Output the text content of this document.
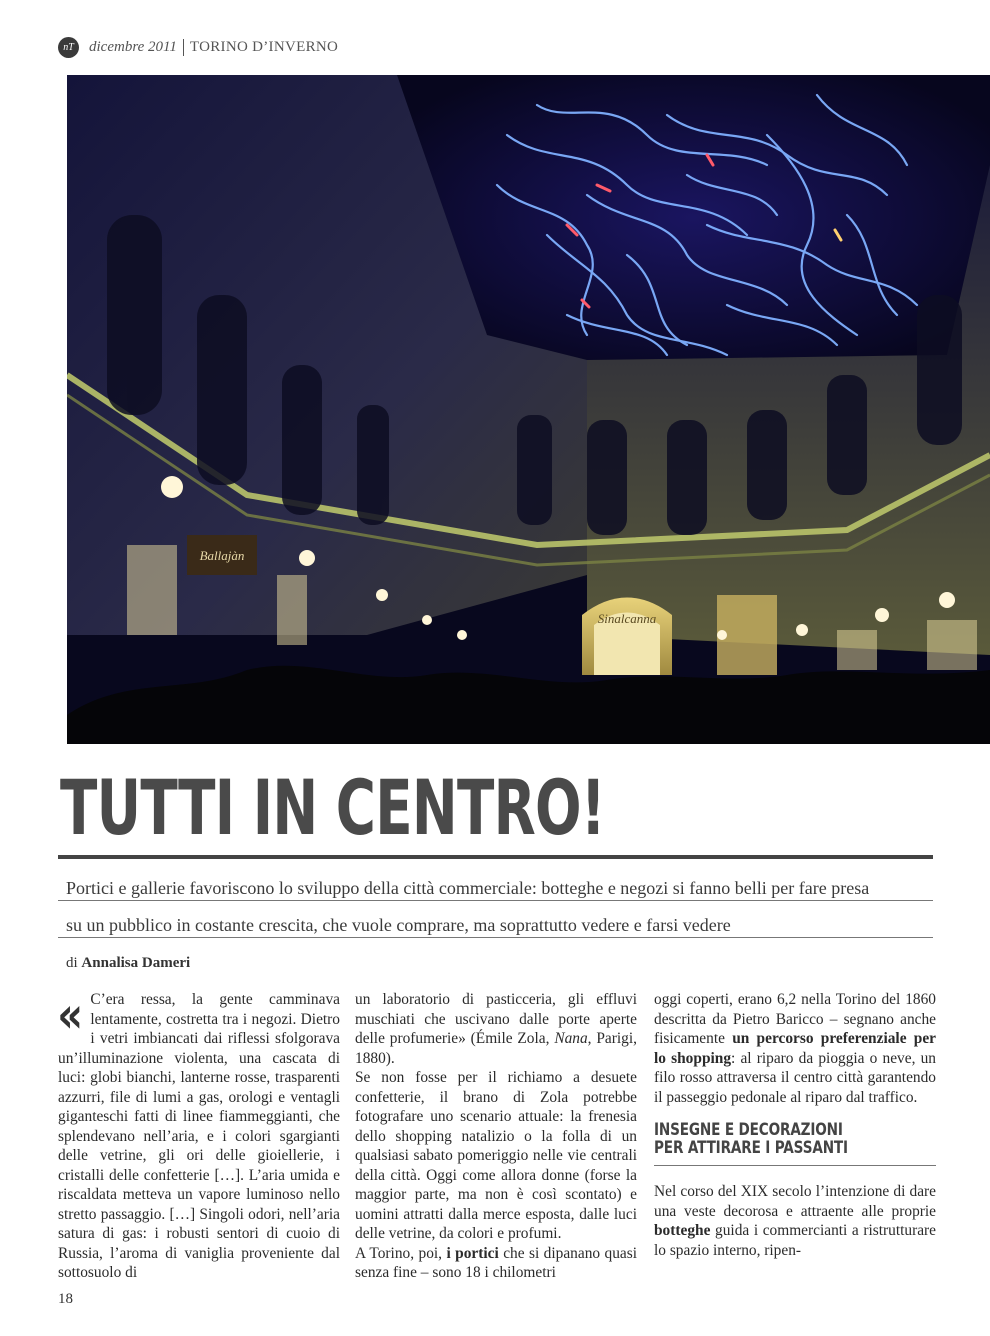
nT	dicembre 2011 TORINO D’INVERNO
Sinalcanna
Ballajàn
TUTTI IN CENTRO!
Portici e gallerie favoriscono lo sviluppo della città commerciale: botteghe e negozi si fanno belli per fare presa
su un pubblico in costante crescita, che vuole comprare, ma soprattutto vedere e farsi vedere
di Annalisa Dameri
« C’era ressa, la gente camminava lentamente, costretta tra i negozi. Dietro i vetri imbiancati dai riflessi sfolgorava un’illuminazione violenta, una cascata di luci: globi bianchi, lanterne rosse, trasparenti azzurri, file di lumi a gas, orologi e ventagli giganteschi fatti di linee fiammeggianti, che splendevano nell’aria, e i colori sgargianti delle vetrine, gli ori delle gioiellerie, i cristalli delle confetterie […]. L’aria umida e riscaldata metteva un vapore luminoso nello stretto passaggio. […] Singoli odori, nell’aria satura di gas: i robusti sentori di cuoio di Russia, l’aroma di vaniglia proveniente dal sottosuolo di

un laboratorio di pasticceria, gli effluvi muschiati che uscivano dalle porte aperte delle profumerie» (Émile Zola, Nana, Parigi, 1880).

Se non fosse per il richiamo a desuete confetterie, il brano di Zola potrebbe fotografare uno scenario attuale: la frenesia dello shopping natalizio o la folla di un qualsiasi sabato pomeriggio nelle vie centrali della città. Oggi come allora donne (forse la maggior parte, ma non è così scontato) e uomini attratti dalla merce esposta, dalle luci delle vetrine, da colori e profumi.

A Torino, poi, i portici che si dipanano quasi senza fine – sono 18 i chilometri

oggi coperti, erano 6,2 nella Torino del 1860 descritta da Pietro Baricco – segnano anche fisicamente un percorso preferenziale per lo shopping: al riparo da pioggia o neve, un filo rosso attraversa il centro città garantendo il passeggio pedonale al riparo dal traffico.

INSEGNE E DECORAZIONI
PER ATTIRARE I PASSANTI

Nel corso del XIX secolo l’intenzione di dare una veste decorosa e attraente alle proprie botteghe guida i commercianti a ristrutturare lo spazio interno, ripen-

18
